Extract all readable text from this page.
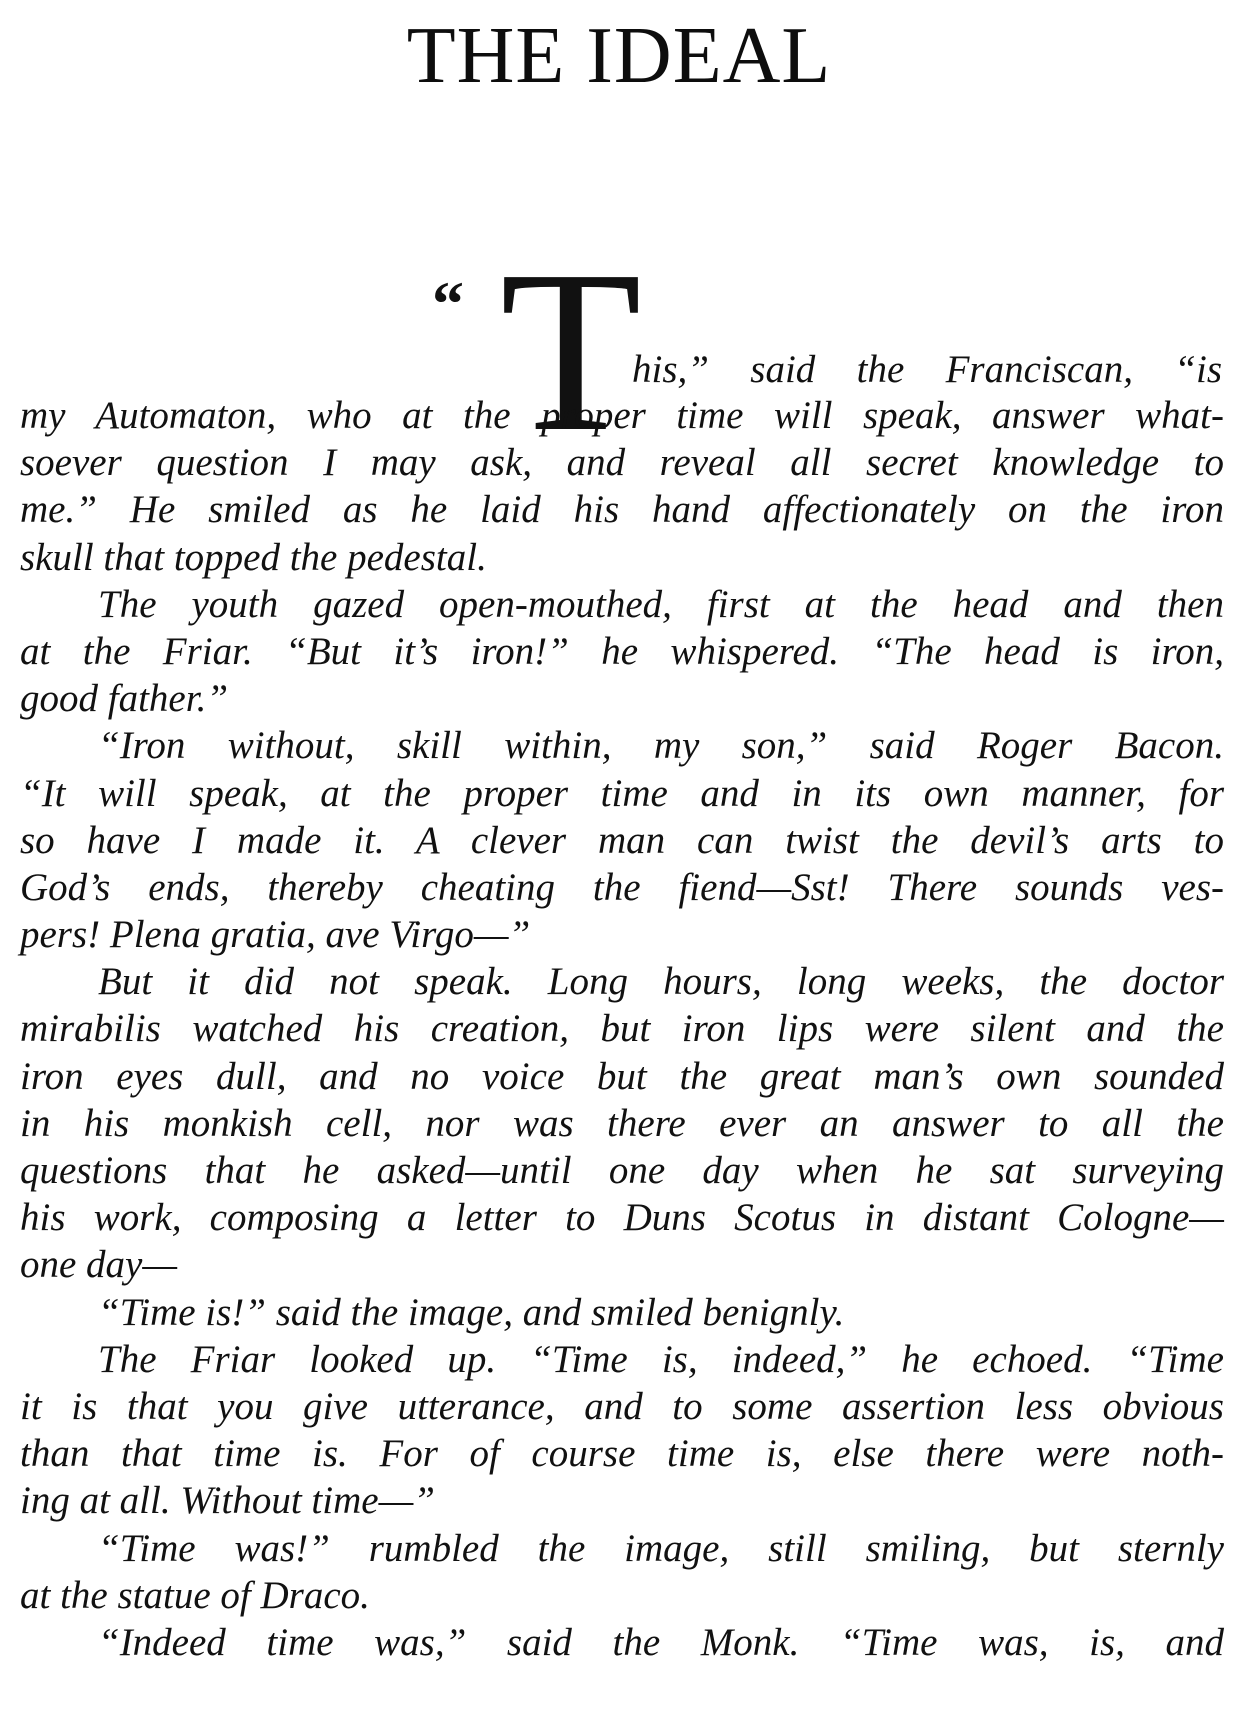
THE IDEAL
“ T
his,” said the Franciscan, “is
my Automaton, who at the proper time will speak, answer what-
soever question I may ask, and reveal all secret knowledge to
me.” He smiled as he laid his hand affectionately on the iron
skull that topped the pedestal.
The youth gazed open-mouthed, first at the head and then
at the Friar. “But it’s iron!” he whispered. “The head is iron,
good father.”
“Iron without, skill within, my son,” said Roger Bacon.
“It will speak, at the proper time and in its own manner, for
so have I made it. A clever man can twist the devil’s arts to
God’s ends, thereby cheating the fiend—Sst! There sounds ves-
pers! Plena gratia, ave Virgo—”
But it did not speak. Long hours, long weeks, the doctor
mirabilis watched his creation, but iron lips were silent and the
iron eyes dull, and no voice but the great man’s own sounded
in his monkish cell, nor was there ever an answer to all the
questions that he asked—until one day when he sat surveying
his work, composing a letter to Duns Scotus in distant Cologne—
one day—
“Time is!” said the image, and smiled benignly.
The Friar looked up. “Time is, indeed,” he echoed. “Time
it is that you give utterance, and to some assertion less obvious
than that time is. For of course time is, else there were noth-
ing at all. Without time—”
“Time was!” rumbled the image, still smiling, but sternly
at the statue of Draco.
“Indeed time was,” said the Monk. “Time was, is, and
